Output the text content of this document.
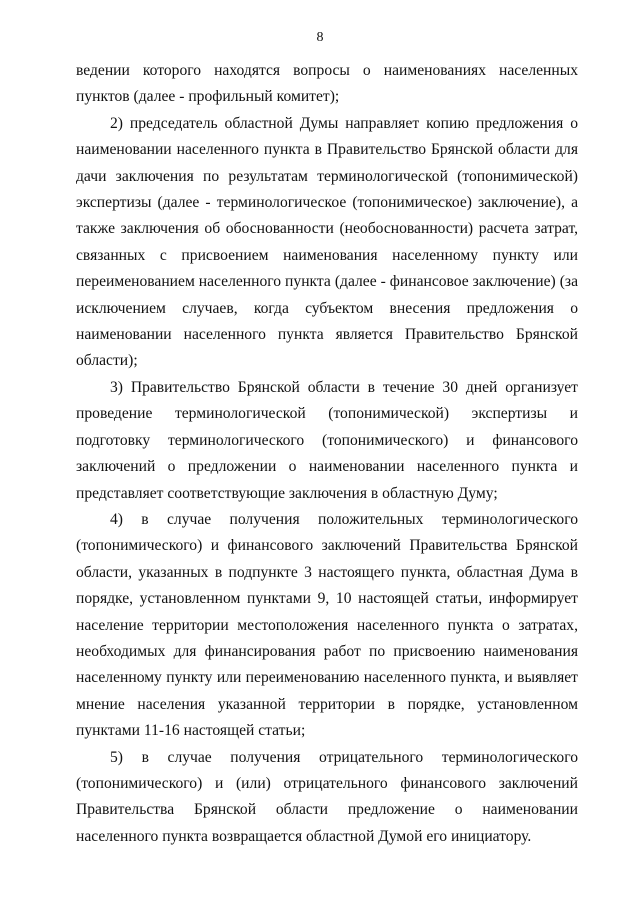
8

ведении которого находятся вопросы о наименованиях населенных пунктов (далее - профильный комитет);

2) председатель областной Думы направляет копию предложения о наименовании населенного пункта в Правительство Брянской области для дачи заключения по результатам терминологической (топонимической) экспертизы (далее - терминологическое (топонимическое) заключение), а также заключения об обоснованности (необоснованности) расчета затрат, связанных с присвоением наименования населенному пункту или переименованием населенного пункта (далее - финансовое заключение) (за исключением случаев, когда субъектом внесения предложения о наименовании населенного пункта является Правительство Брянской области);

3) Правительство Брянской области в течение 30 дней организует проведение терминологической (топонимической) экспертизы и подготовку терминологического (топонимического) и финансового заключений о предложении о наименовании населенного пункта и представляет соответствующие заключения в областную Думу;

4) в случае получения положительных терминологического (топонимического) и финансового заключений Правительства Брянской области, указанных в подпункте 3 настоящего пункта, областная Дума в порядке, установленном пунктами 9, 10 настоящей статьи, информирует население территории местоположения населенного пункта о затратах, необходимых для финансирования работ по присвоению наименования населенному пункту или переименованию населенного пункта, и выявляет мнение населения указанной территории в порядке, установленном пунктами 11-16 настоящей статьи;

5) в случае получения отрицательного терминологического (топонимического) и (или) отрицательного финансового заключений Правительства Брянской области предложение о наименовании населенного пункта возвращается областной Думой его инициатору.
